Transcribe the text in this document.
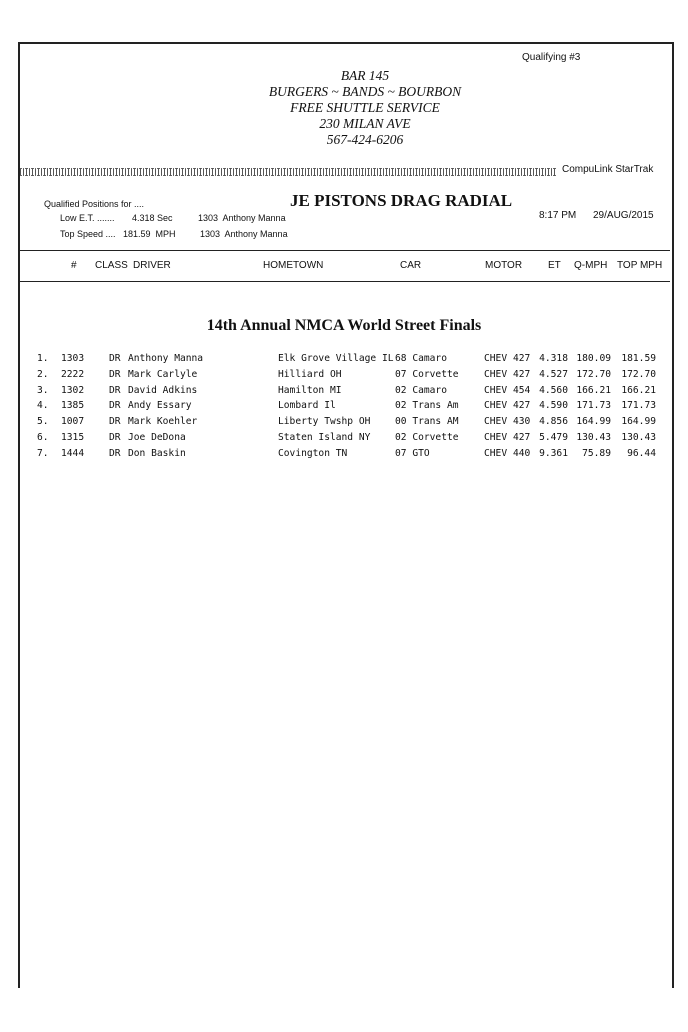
Qualifying #3
BAR 145
BURGERS ~ BANDS ~ BOURBON
FREE SHUTTLE SERVICE
230 MILAN AVE
567-424-6206
CompuLink StarTrak
Qualified Positions for ....
Low E.T. ....... 4.318 Sec	1303  Anthony Manna
Top Speed .... 181.59  MPH	1303  Anthony Manna
JE PISTONS DRAG RADIAL
8:17 PM 29/AUG/2015
# CLASS DRIVER	HOMETOWN	CAR	MOTOR	ET Q-MPH TOP MPH
14th Annual NMCA World Street Finals
1. 1303	DR Anthony Manna	Elk Grove Village IL 68 Camaro	CHEV 427 4.318 180.09	181.59
2. 2222	DR Mark Carlyle	Hilliard OH	07 Corvette	CHEV 427 4.527 172.70	172.70
3. 1302	DR David Adkins	Hamilton MI	02 Camaro	CHEV 454 4.560 166.21	166.21
4. 1385	DR Andy Essary	Lombard Il	02 Trans Am	CHEV 427 4.590 171.73	171.73
5. 1007	DR Mark Koehler	Liberty Twshp OH	00 Trans AM	CHEV 430 4.856 164.99	164.99
6. 1315	DR Joe DeDona	Staten Island NY	02 Corvette	CHEV 427 5.479 130.43	130.43
7. 1444	DR Don Baskin	Covington TN	07 GTO	CHEV 440 9.361	75.89	96.44
